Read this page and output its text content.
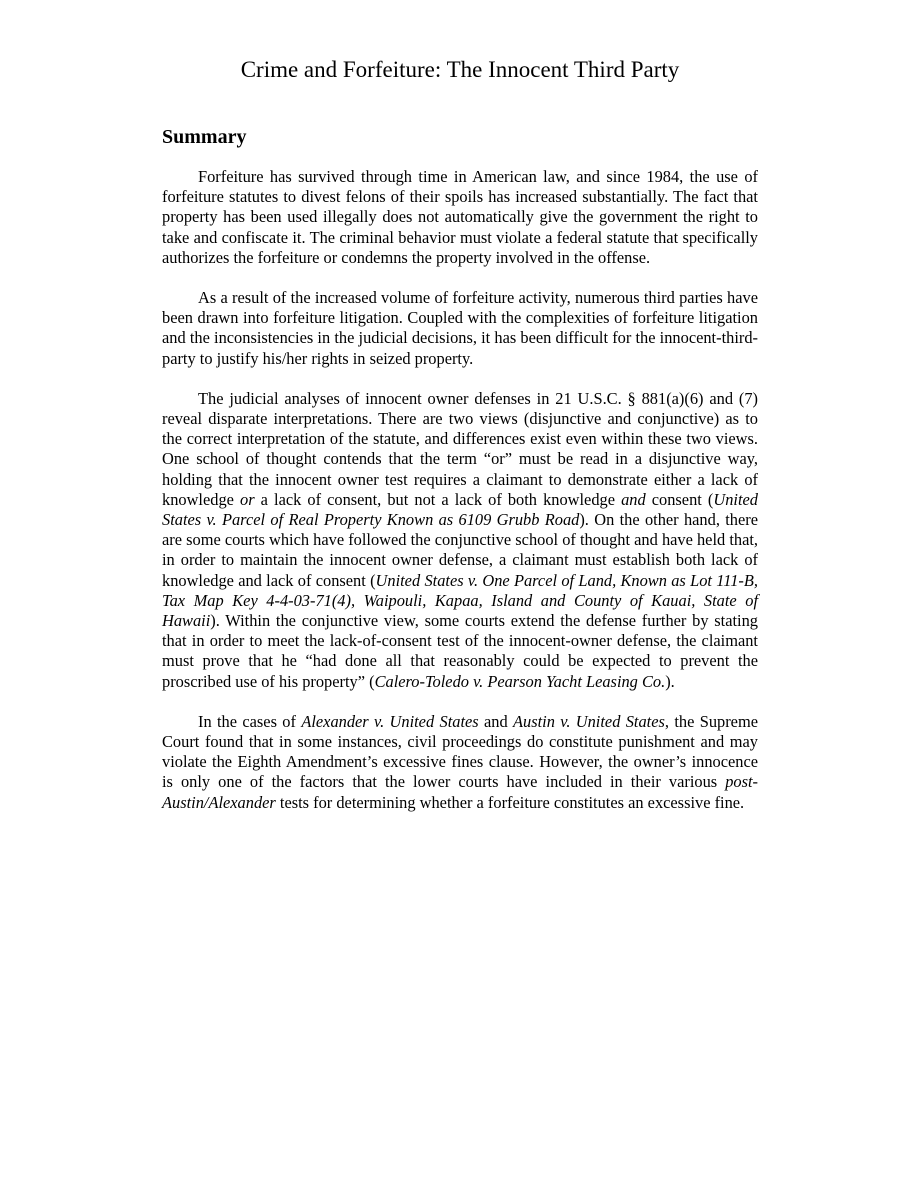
Crime and Forfeiture: The Innocent Third Party
Summary

Forfeiture has survived through time in American law, and since 1984, the use of forfeiture statutes to divest felons of their spoils has increased substantially. The fact that property has been used illegally does not automatically give the government the right to take and confiscate it. The criminal behavior must violate a federal statute that specifically authorizes the forfeiture or condemns the property involved in the offense.

As a result of the increased volume of forfeiture activity, numerous third parties have been drawn into forfeiture litigation. Coupled with the complexities of forfeiture litigation and the inconsistencies in the judicial decisions, it has been difficult for the innocent-third-party to justify his/her rights in seized property.

The judicial analyses of innocent owner defenses in 21 U.S.C. § 881(a)(6) and (7) reveal disparate interpretations. There are two views (disjunctive and conjunctive) as to the correct interpretation of the statute, and differences exist even within these two views. One school of thought contends that the term “or” must be read in a disjunctive way, holding that the innocent owner test requires a claimant to demonstrate either a lack of knowledge or a lack of consent, but not a lack of both knowledge and consent (United States v. Parcel of Real Property Known as 6109 Grubb Road). On the other hand, there are some courts which have followed the conjunctive school of thought and have held that, in order to maintain the innocent owner defense, a claimant must establish both lack of knowledge and lack of consent (United States v. One Parcel of Land, Known as Lot 111-B, Tax Map Key 4-4-03-71(4), Waipouli, Kapaa, Island and County of Kauai, State of Hawaii). Within the conjunctive view, some courts extend the defense further by stating that in order to meet the lack-of-consent test of the innocent-owner defense, the claimant must prove that he “had done all that reasonably could be expected to prevent the proscribed use of his property” (Calero-Toledo v. Pearson Yacht Leasing Co.).

In the cases of Alexander v. United States and Austin v. United States, the Supreme Court found that in some instances, civil proceedings do constitute punishment and may violate the Eighth Amendment’s excessive fines clause. However, the owner’s innocence is only one of the factors that the lower courts have included in their various post-Austin/Alexander tests for determining whether a forfeiture constitutes an excessive fine.
